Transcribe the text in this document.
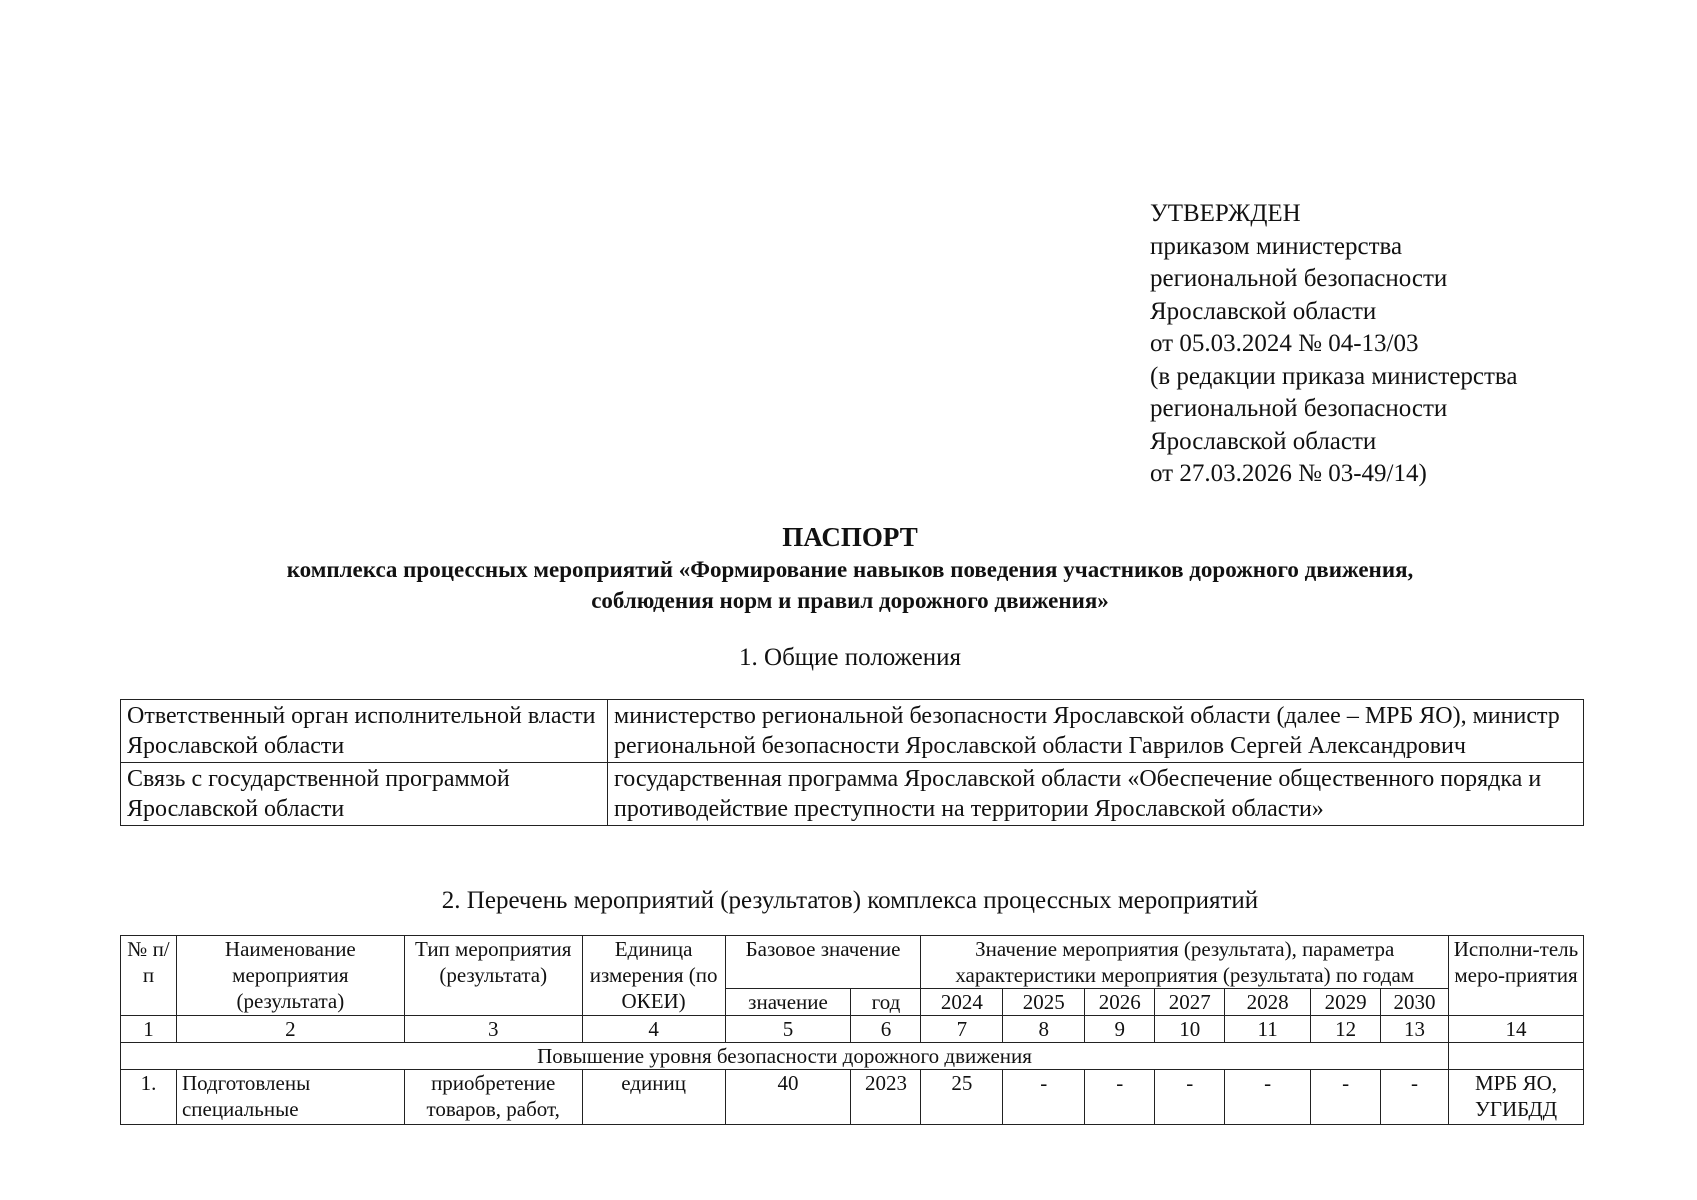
УТВЕРЖДЕН
приказом министерства
региональной безопасности
Ярославской области
от 05.03.2024 № 04-13/03
(в редакции приказа министерства
региональной безопасности
Ярославской области
от 27.03.2026 № 03-49/14)
ПАСПОРТ
комплекса процессных мероприятий «Формирование навыков поведения участников дорожного движения,
соблюдения норм и правил дорожного движения»
1. Общие положения
Ответственный орган исполнительной власти Ярославской области	министерство региональной безопасности Ярославской области (далее – МРБ ЯО), министр региональной безопасности Ярославской области Гаврилов Сергей Александрович
Связь с государственной программой Ярославской области	государственная программа Ярославской области «Обеспечение общественного порядка и противодействие преступности на территории Ярославской области»
2. Перечень мероприятий (результатов) комплекса процессных мероприятий
№ п/п	Наименование мероприятия (результата)	Тип мероприятия (результата)	Единица измерения (по ОКЕИ)	Базовое значение		Значение мероприятия (результата), параметра характеристики мероприятия (результата) по годам							Исполни-тель меро-приятия
				значение	год	2024	2025	2026	2027	2028	2029	2030	
1	2	3	4	5	6	7	8	9	10	11	12	13	14
Повышение уровня безопасности дорожного движения													
1.	Подготовлены специальные	приобретение товаров, работ,	единиц	40	2023	25	-	-	-	-	-	-	МРБ ЯО, УГИБДД
